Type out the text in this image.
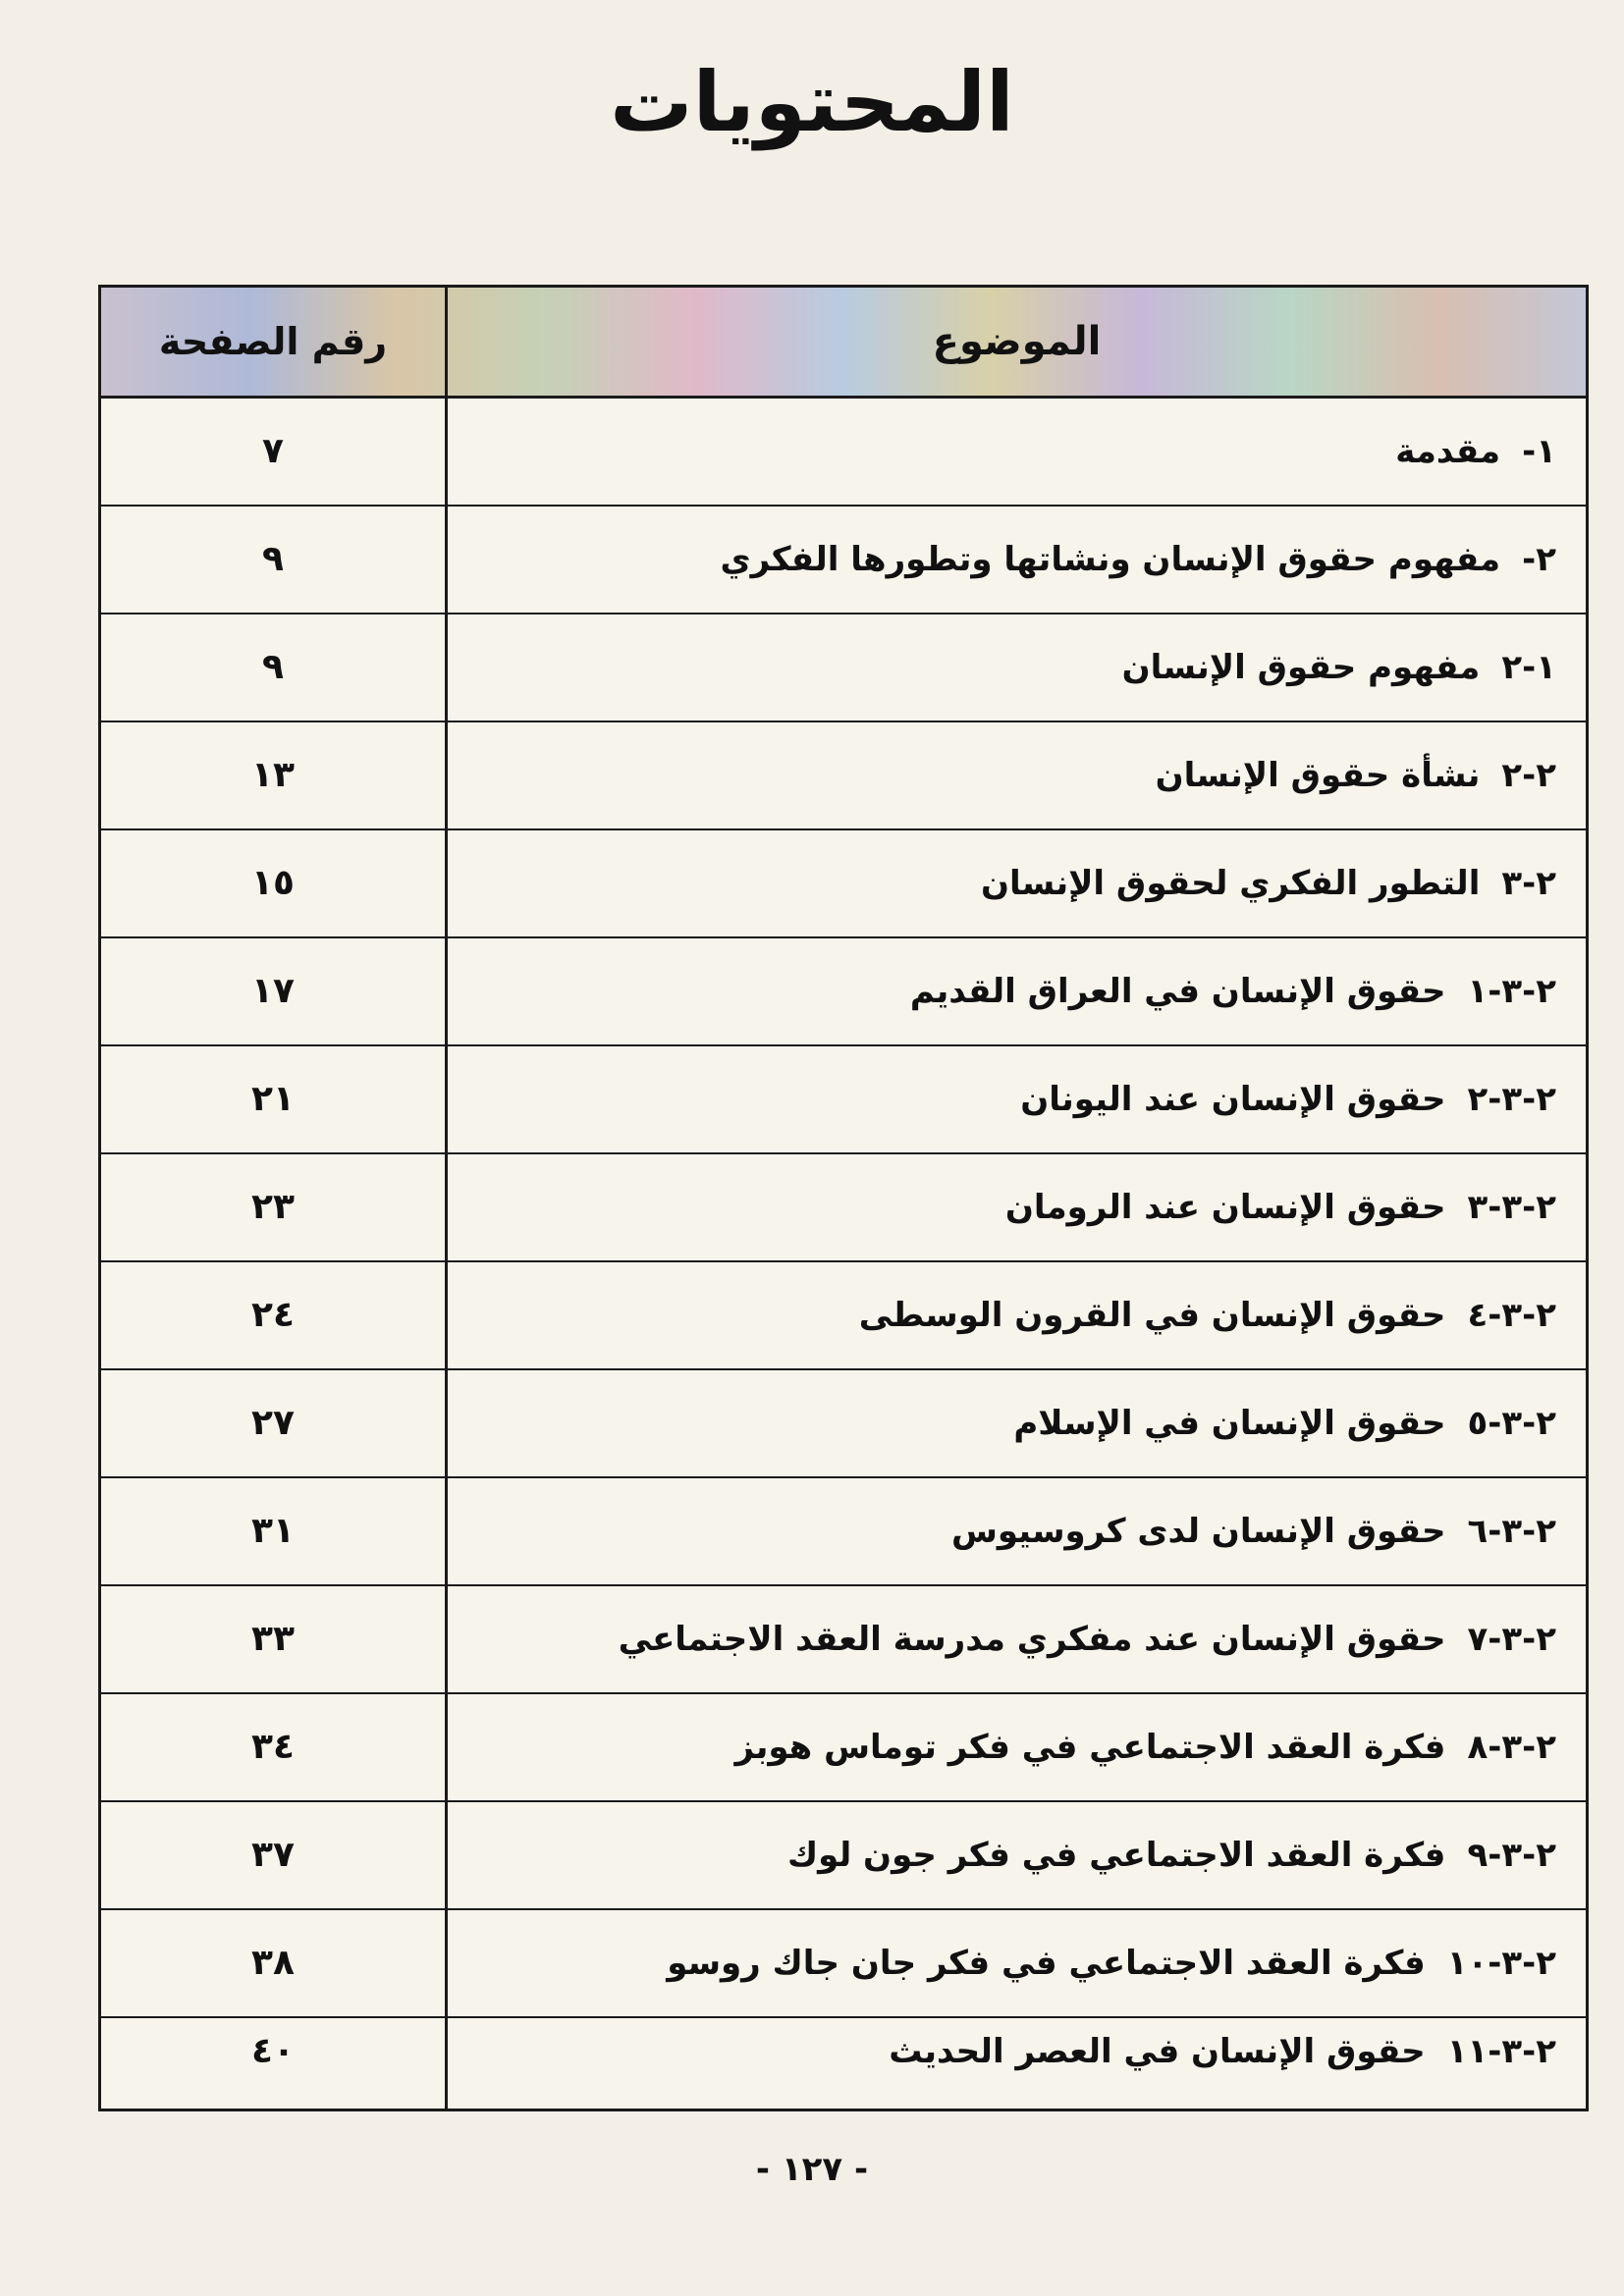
المحتويات
رقم الصفحة	الموضوع
٧	١-مقدمة
٩	٢-مفهوم حقوق الإنسان ونشاتها وتطورها الفكري
٩	١-٢مفهوم حقوق الإنسان
١٣	٢-٢نشأة حقوق الإنسان
١٥	٢-٣التطور الفكري لحقوق الإنسان
١٧	٢-٣-١حقوق الإنسان في العراق القديم
٢١	٢-٣-٢حقوق الإنسان عند اليونان
٢٣	٢-٣-٣حقوق الإنسان عند الرومان
٢٤	٢-٣-٤حقوق الإنسان في القرون الوسطى
٢٧	٢-٣-٥حقوق الإنسان في الإسلام
٣١	٢-٣-٦حقوق الإنسان لدى كروسيوس
٣٣	٢-٣-٧حقوق الإنسان عند مفكري مدرسة العقد الاجتماعي
٣٤	٢-٣-٨فكرة العقد الاجتماعي في فكر توماس هوبز
٣٧	٢-٣-٩فكرة العقد الاجتماعي في فكر جون لوك
٣٨	٢-٣-١٠فكرة العقد الاجتماعي في فكر جان جاك روسو
٤٠	٢-٣-١١حقوق الإنسان في العصر الحديث
- ١٢٧ -
